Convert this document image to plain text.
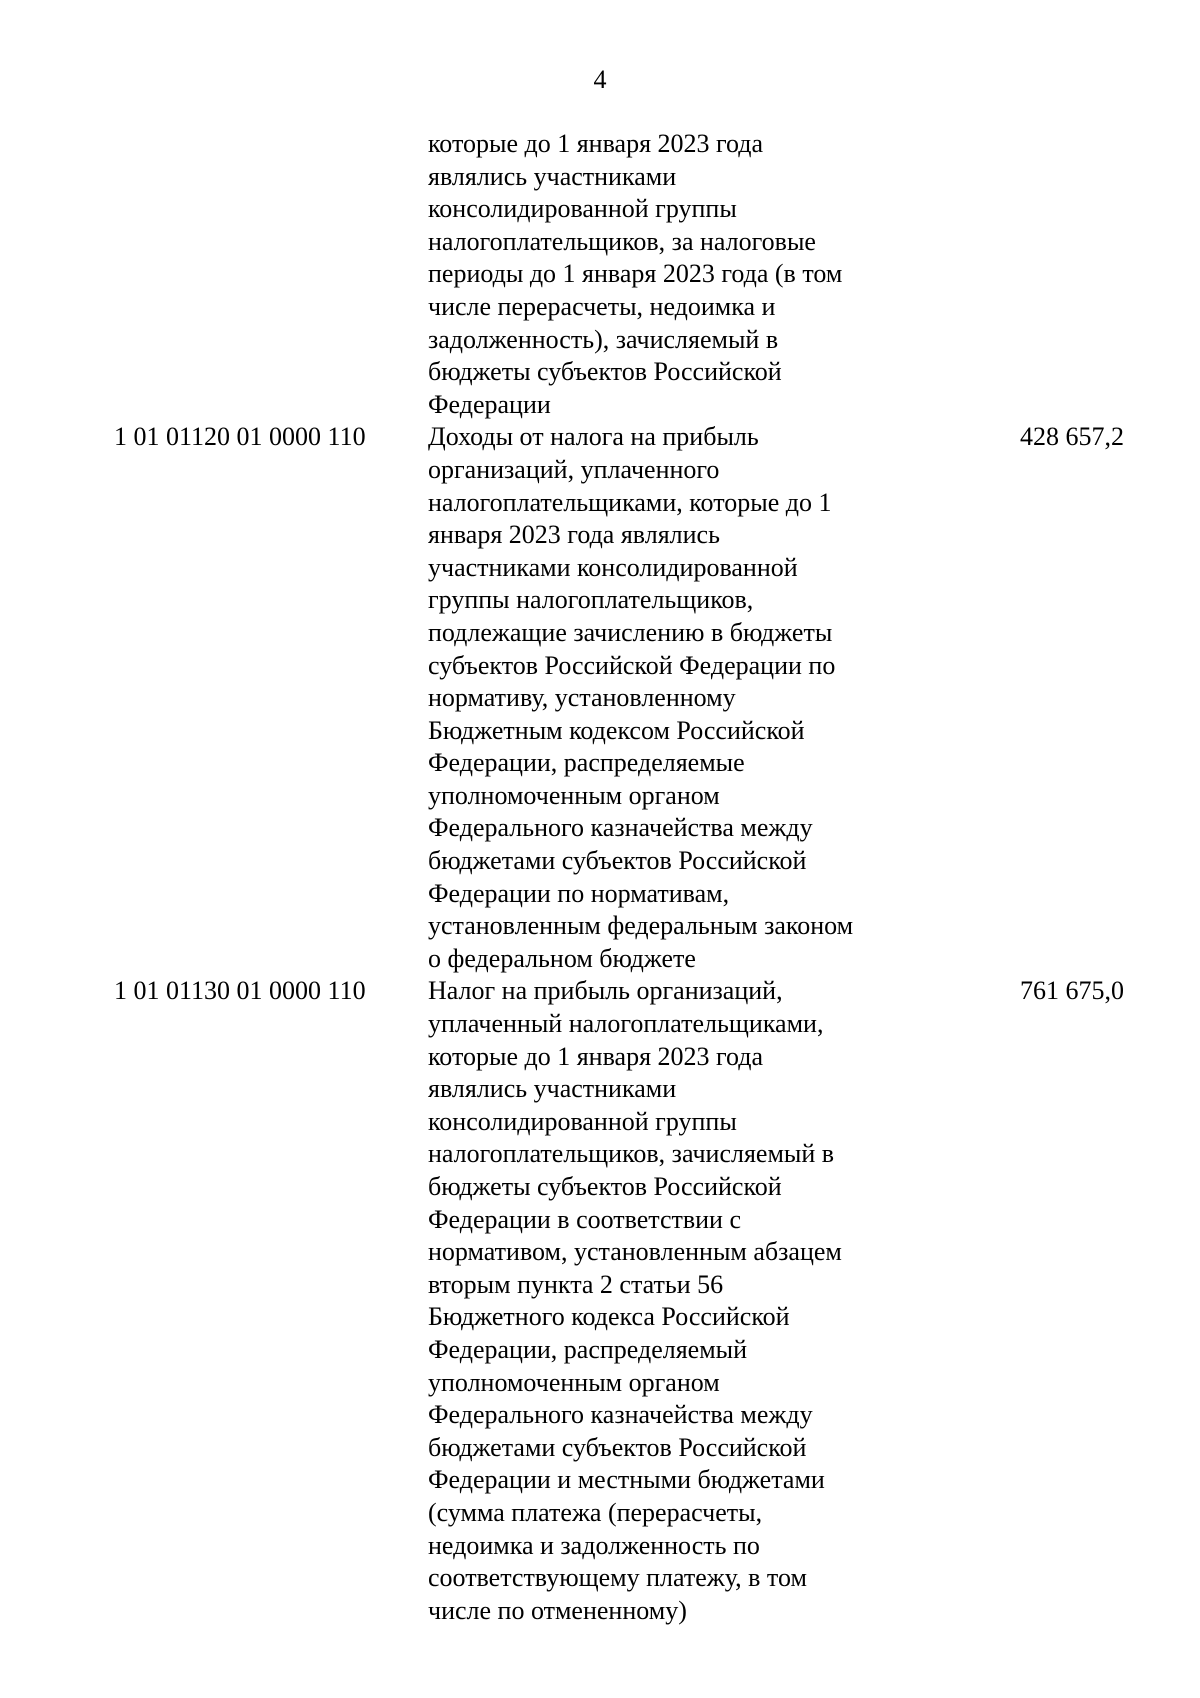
4
которые до 1 января 2023 года
являлись участниками
консолидированной группы
налогоплательщиков, за налоговые
периоды до 1 января 2023 года (в том
числе перерасчеты, недоимка и
задолженность), зачисляемый в
бюджеты субъектов Российской
Федерации
1 01 01120 01 0000 110 Доходы от налога на прибыль
организаций, уплаченного
налогоплательщиками, которые до 1
января 2023 года являлись
участниками консолидированной
группы налогоплательщиков,
подлежащие зачислению в бюджеты
субъектов Российской Федерации по
нормативу, установленному
Бюджетным кодексом Российской
Федерации, распределяемые
уполномоченным органом
Федерального казначейства между
бюджетами субъектов Российской
Федерации по нормативам,
установленным федеральным законом
о федеральном бюджете
428 657,2
1 01 01130 01 0000 110 Налог на прибыль организаций,
уплаченный налогоплательщиками,
которые до 1 января 2023 года
являлись участниками
консолидированной группы
налогоплательщиков, зачисляемый в
бюджеты субъектов Российской
Федерации в соответствии с
нормативом, установленным абзацем
вторым пункта 2 статьи 56
Бюджетного кодекса Российской
Федерации, распределяемый
уполномоченным органом
Федерального казначейства между
бюджетами субъектов Российской
Федерации и местными бюджетами
(сумма платежа (перерасчеты,
недоимка и задолженность по
соответствующему платежу, в том
числе по отмененному)
761 675,0
